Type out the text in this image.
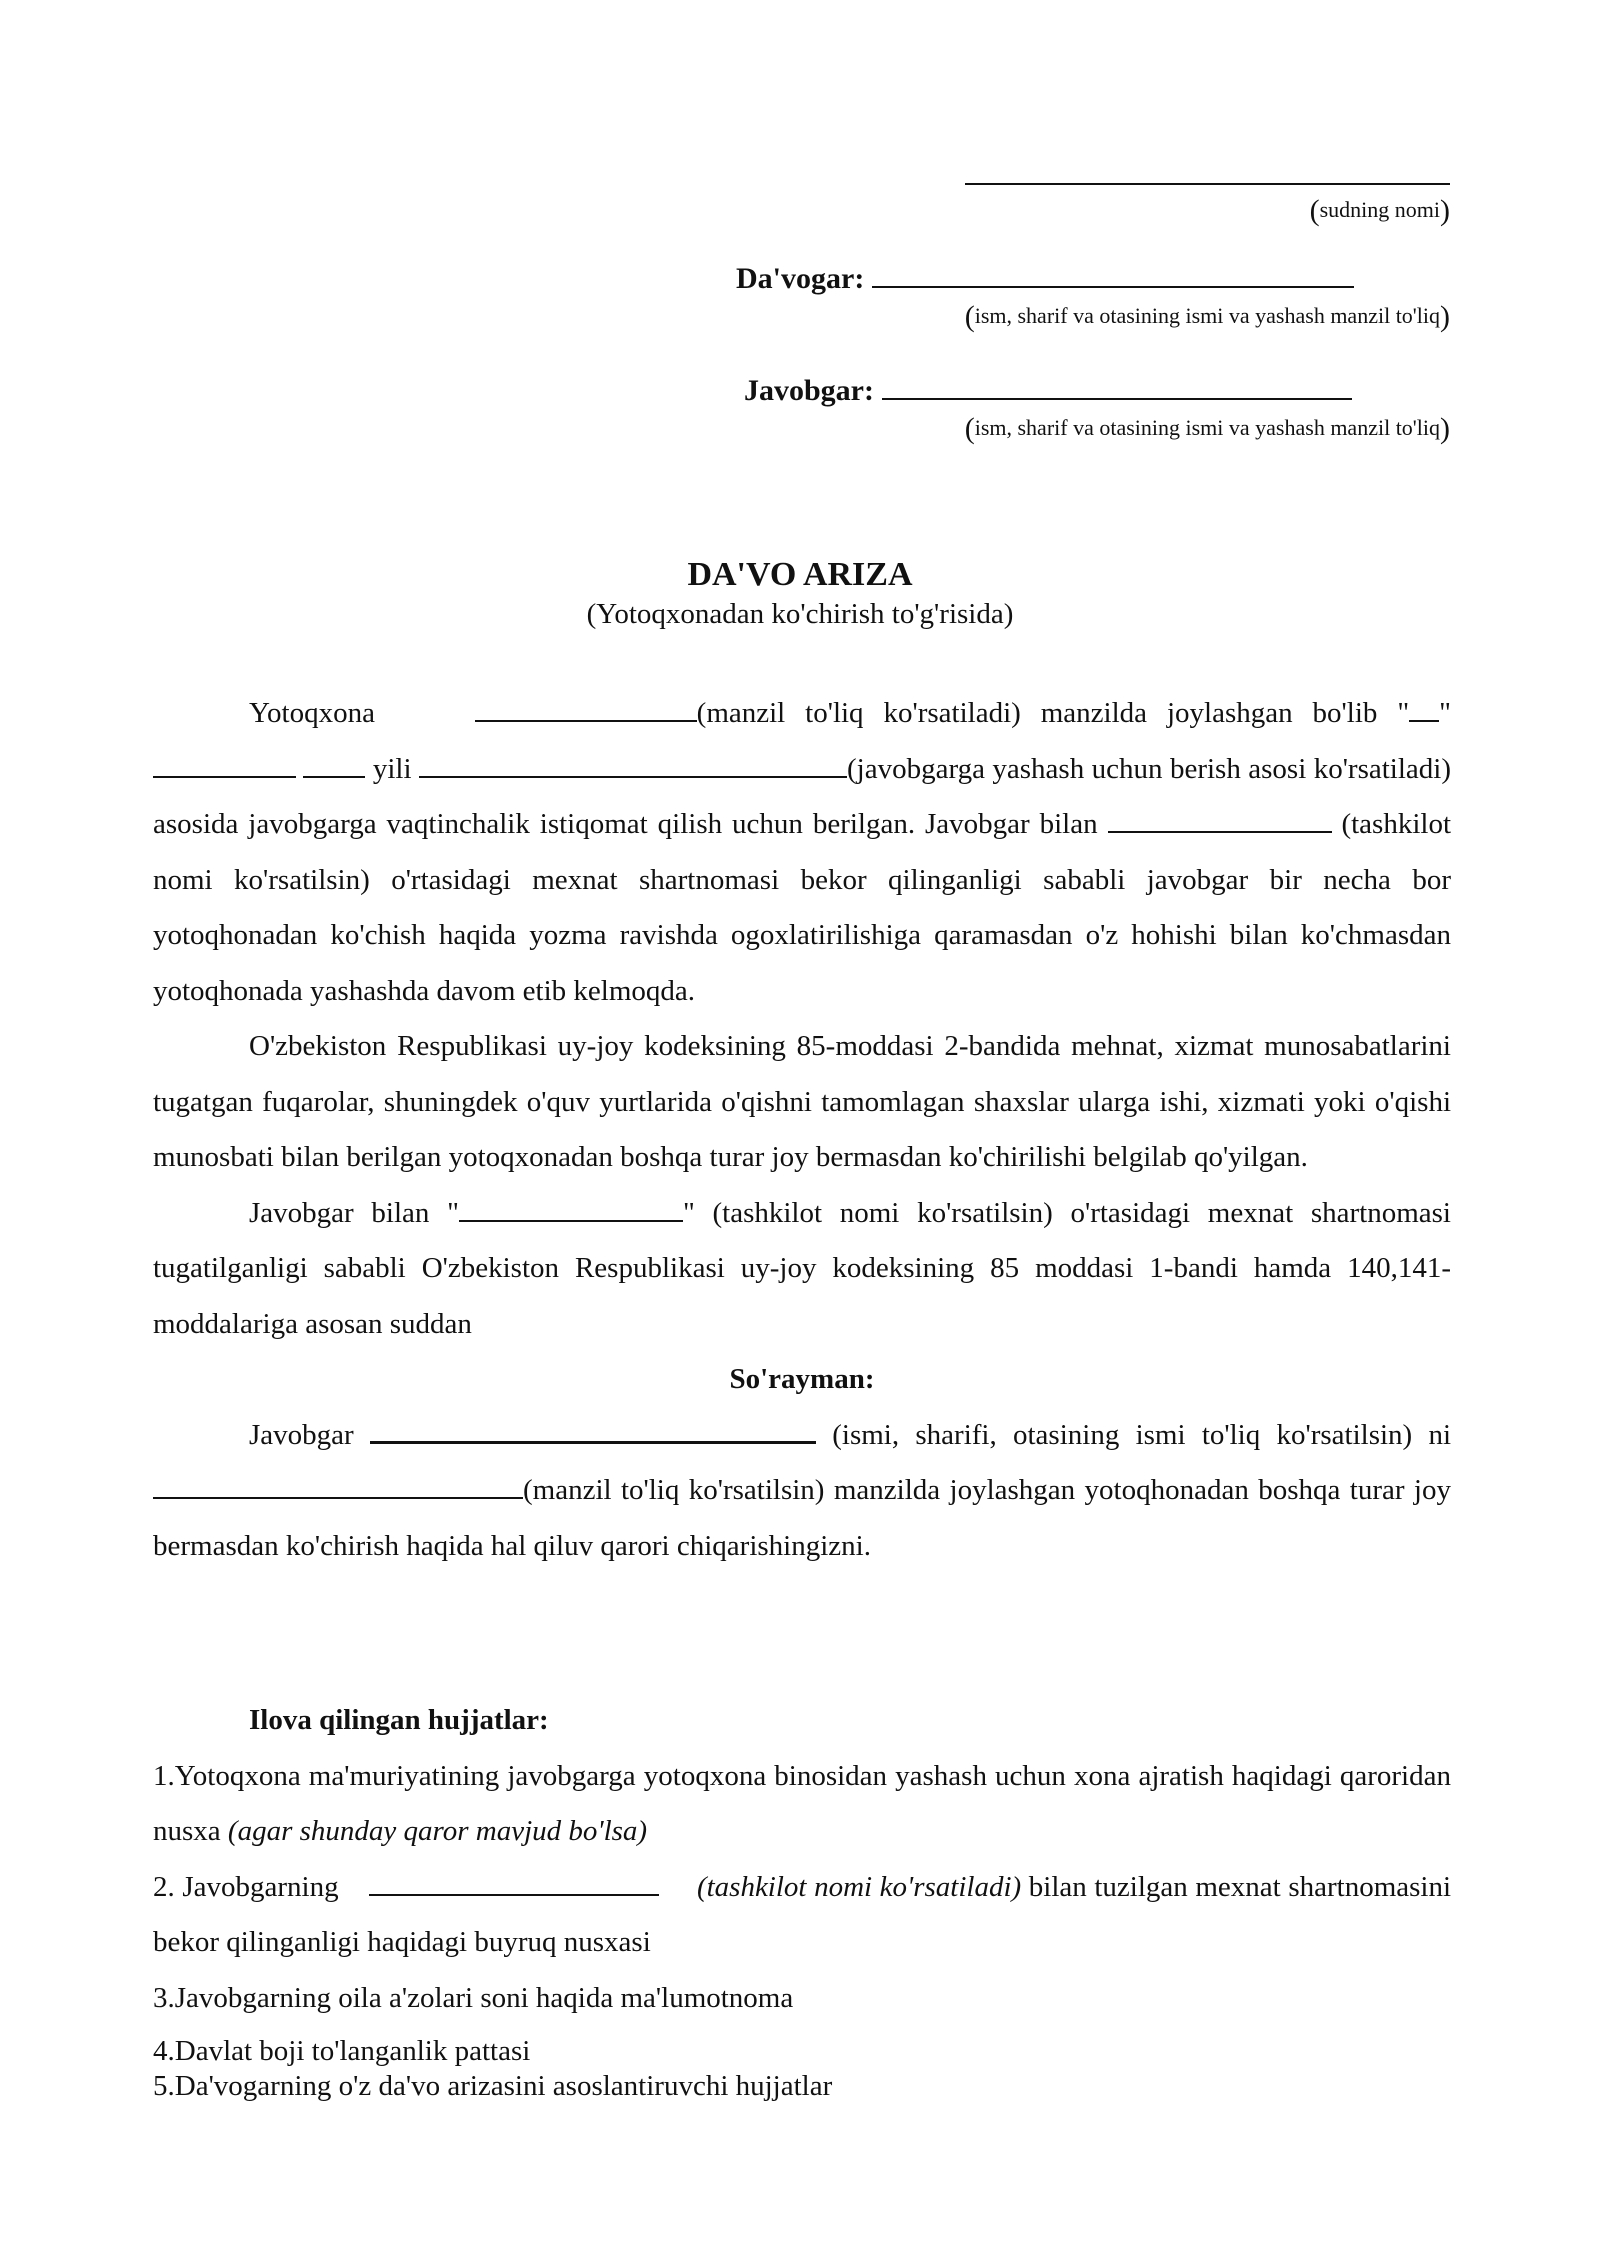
(sudning nomi)
Da'vogar:
(ism, sharif va otasining ismi va yashash manzil to'liq)
Javobgar:
(ism, sharif va otasining ismi va yashash manzil to'liq)
DA'VO ARIZA
(Yotoqxonadan ko'chirish to'g'risida)

Yotoqxona	(manzil to'liq ko'rsatiladi) manzilda joylashgan bo'lib " "  yili	(javobgarga yashash uchun berish asosi ko'rsatiladi) asosida javobgarga vaqtinchalik istiqomat qilish uchun berilgan. Javobgar bilan	(tashkilot nomi ko'rsatilsin) o'rtasidagi mexnat shartnomasi bekor qilinganligi sababli javobgar bir necha bor yotoqhonadan ko'chish haqida yozma ravishda ogoxlatirilishiga qaramasdan o'z hohishi bilan ko'chmasdan yotoqhonada yashashda davom etib kelmoqda.

O'zbekiston Respublikasi uy-joy kodeksining 85-moddasi 2-bandida mehnat, xizmat munosabatlarini tugatgan fuqarolar, shuningdek o'quv yurtlarida o'qishni tamomlagan shaxslar ularga ishi, xizmati yoki o'qishi munosbati bilan berilgan yotoqxonadan boshqa turar joy bermasdan ko'chirilishi belgilab qo'yilgan.

Javobgar bilan "	" (tashkilot nomi ko'rsatilsin) o'rtasidagi mexnat shartnomasi tugatilganligi sababli O'zbekiston Respublikasi uy-joy kodeksining 85 moddasi 1-bandi hamda 140,141-moddalariga asosan suddan

So'rayman:

Javobgar	(ismi, sharifi, otasining ismi to'liq ko'rsatilsin) ni (manzil to'liq ko'rsatilsin) manzilda joylashgan yotoqhonadan boshqa turar joy bermasdan ko'chirish haqida hal qiluv qarori chiqarishingizni.

Ilova qilingan hujjatlar:

1.Yotoqxona ma'muriyatining javobgarga yotoqxona binosidan yashash uchun xona ajratish haqidagi qaroridan nusxa (agar shunday qaror mavjud bo'lsa)

2. Javobgarning	(tashkilot nomi ko'rsatiladi) bilan tuzilgan mexnat shartnomasini bekor qilinganligi haqidagi buyruq nusxasi

3.Javobgarning oila a'zolari soni haqida ma'lumotnoma

4.Davlat boji to'langanlik pattasi

5.Da'vogarning o'z da'vo arizasini asoslantiruvchi hujjatlar
